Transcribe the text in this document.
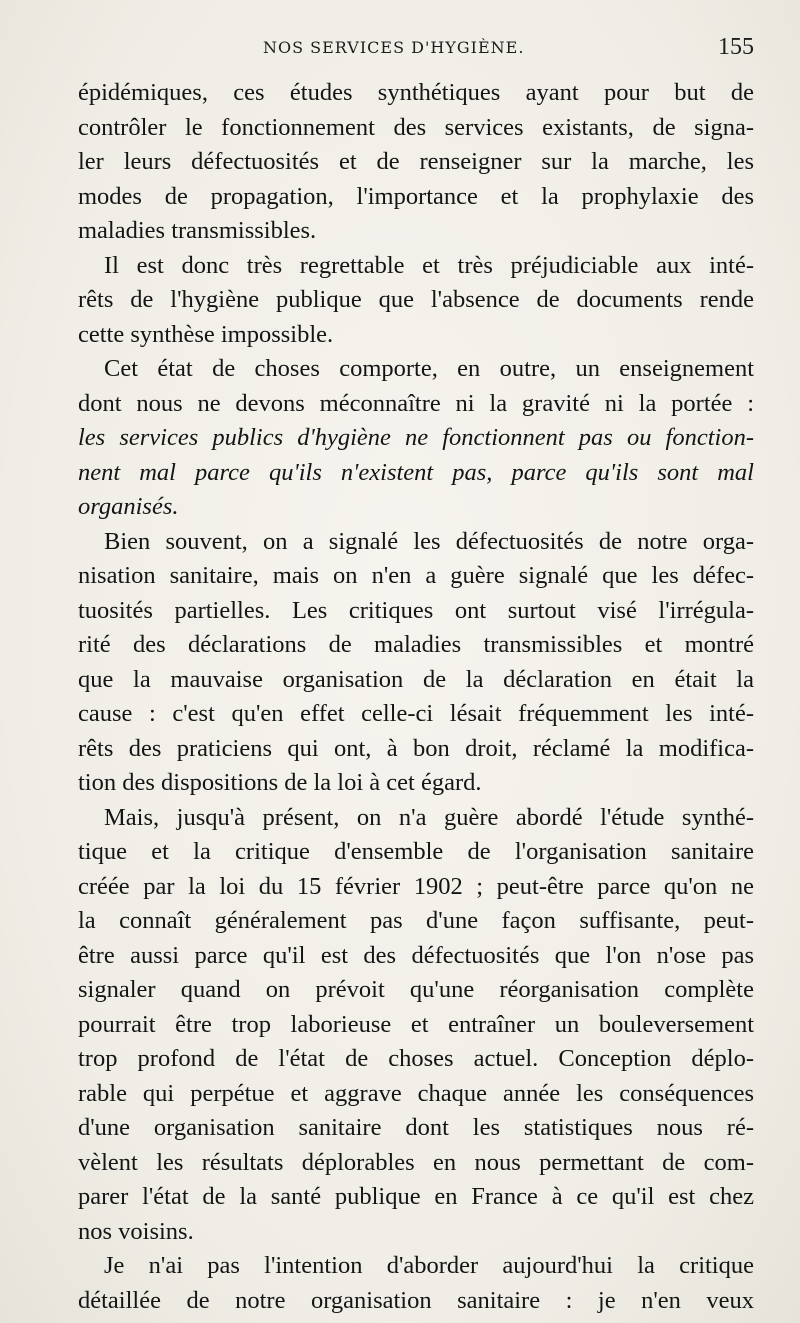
NOS SERVICES D'HYGIÈNE.	155
épidémiques, ces études synthétiques ayant pour but de
contrôler le fonctionnement des services existants, de signa-
ler leurs défectuosités et de renseigner sur la marche, les
modes de propagation, l'importance et la prophylaxie des
maladies transmissibles.
Il est donc très regrettable et très préjudiciable aux inté-
rêts de l'hygiène publique que l'absence de documents rende
cette synthèse impossible.
Cet état de choses comporte, en outre, un enseignement
dont nous ne devons méconnaître ni la gravité ni la portée :
les services publics d'hygiène ne fonctionnent pas ou fonction-
nent mal parce qu'ils n'existent pas, parce qu'ils sont mal
organisés.
Bien souvent, on a signalé les défectuosités de notre orga-
nisation sanitaire, mais on n'en a guère signalé que les défec-
tuosités partielles. Les critiques ont surtout visé l'irrégula-
rité des déclarations de maladies transmissibles et montré
que la mauvaise organisation de la déclaration en était la
cause : c'est qu'en effet celle-ci lésait fréquemment les inté-
rêts des praticiens qui ont, à bon droit, réclamé la modifica-
tion des dispositions de la loi à cet égard.
Mais, jusqu'à présent, on n'a guère abordé l'étude synthé-
tique et la critique d'ensemble de l'organisation sanitaire
créée par la loi du 15 février 1902 ; peut-être parce qu'on ne
la connaît généralement pas d'une façon suffisante, peut-
être aussi parce qu'il est des défectuosités que l'on n'ose pas
signaler quand on prévoit qu'une réorganisation complète
pourrait être trop laborieuse et entraîner un bouleversement
trop profond de l'état de choses actuel. Conception déplo-
rable qui perpétue et aggrave chaque année les conséquences
d'une organisation sanitaire dont les statistiques nous ré-
vèlent les résultats déplorables en nous permettant de com-
parer l'état de la santé publique en France à ce qu'il est chez
nos voisins.
Je n'ai pas l'intention d'aborder aujourd'hui la critique
détaillée de notre organisation sanitaire : je n'en veux
